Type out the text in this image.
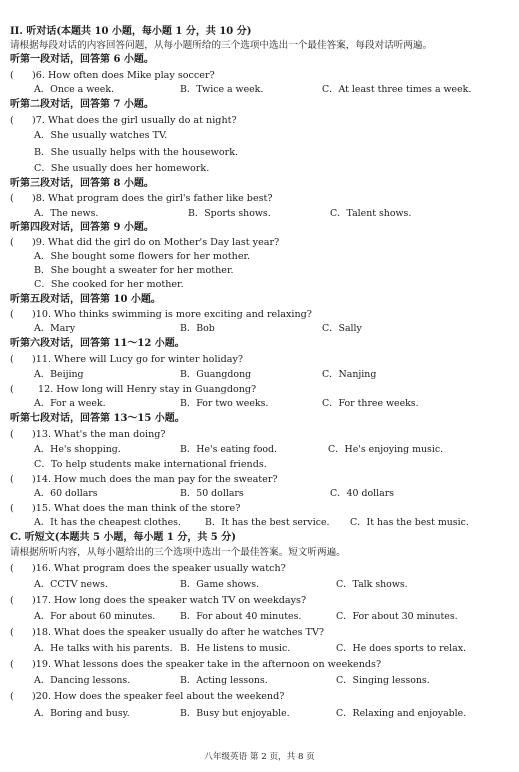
II. 听对话(本题共 10 小题，每小题 1 分，共 10 分)
请根据每段对话的内容回答问题，从每小题所给的三个选项中选出一个最佳答案，每段对话听两遍。
听第一段对话，回答第 6 小题。
( )6. How often does Mike play soccer?
A．Once a week.	B．Twice a week.	C．At least three times a week.
听第二段对话，回答第 7 小题。
( )7. What does the girl usually do at night?
A．She usually watches TV.
B．She usually helps with the housework.
C．She usually does her homework.
听第三段对话，回答第 8 小题。
( )8. What program does the girl's father like best?
A．The news.	B．Sports shows.	C．Talent shows.
听第四段对话，回答第 9 小题。
( )9. What did the girl do on Mother's Day last year?
A．She bought some flowers for her mother.
B．She bought a sweater for her mother.
C．She cooked for her mother.
听第五段对话，回答第 10 小题。
( )10. Who thinks swimming is more exciting and relaxing?
A．Mary	B．Bob	C．Sally
听第六段对话，回答第 11～12 小题。
( )11. Where will Lucy go for winter holiday?
A．Beijing	B．Guangdong	C．Nanjing
(	12. How long will Henry stay in Guangdong?
A．For a week.	B．For two weeks.	C．For three weeks.
听第七段对话，回答第 13～15 小题。
( )13. What's the man doing?
A．He's shopping.	B．He's eating food.	C．He's enjoying music.
C．To help students make international friends.
( )14. How much does the man pay for the sweater?
A．60 dollars	B．50 dollars	C．40 dollars
( )15. What does the man think of the store?
A．It has the cheapest clothes.	B．It has the best service. C．It has the best music.
C. 听短文(本题共 5 小题，每小题 1 分，共 5 分)
请根据所听内容，从每小题给出的三个选项中选出一个最佳答案。短文听两遍。
( )16. What program does the speaker usually watch?
A．CCTV news.	B．Game shows.	C．Talk shows.
( )17. How long does the speaker watch TV on weekdays?
A．For about 60 minutes.	B．For about 40 minutes.	C．For about 30 minutes.
( )18. What does the speaker usually do after he watches TV?
A．He talks with his parents. B．He listens to music.	C．He does sports to relax.
( )19. What lessons does the speaker take in the afternoon on weekends?
A．Dancing lessons.	B．Acting lessons.	C．Singing lessons.
( )20. How does the speaker feel about the weekend?
A．Boring and busy.	B．Busy but enjoyable.	C．Relaxing and enjoyable.
八年级英语 第 2 页，共 8 页
